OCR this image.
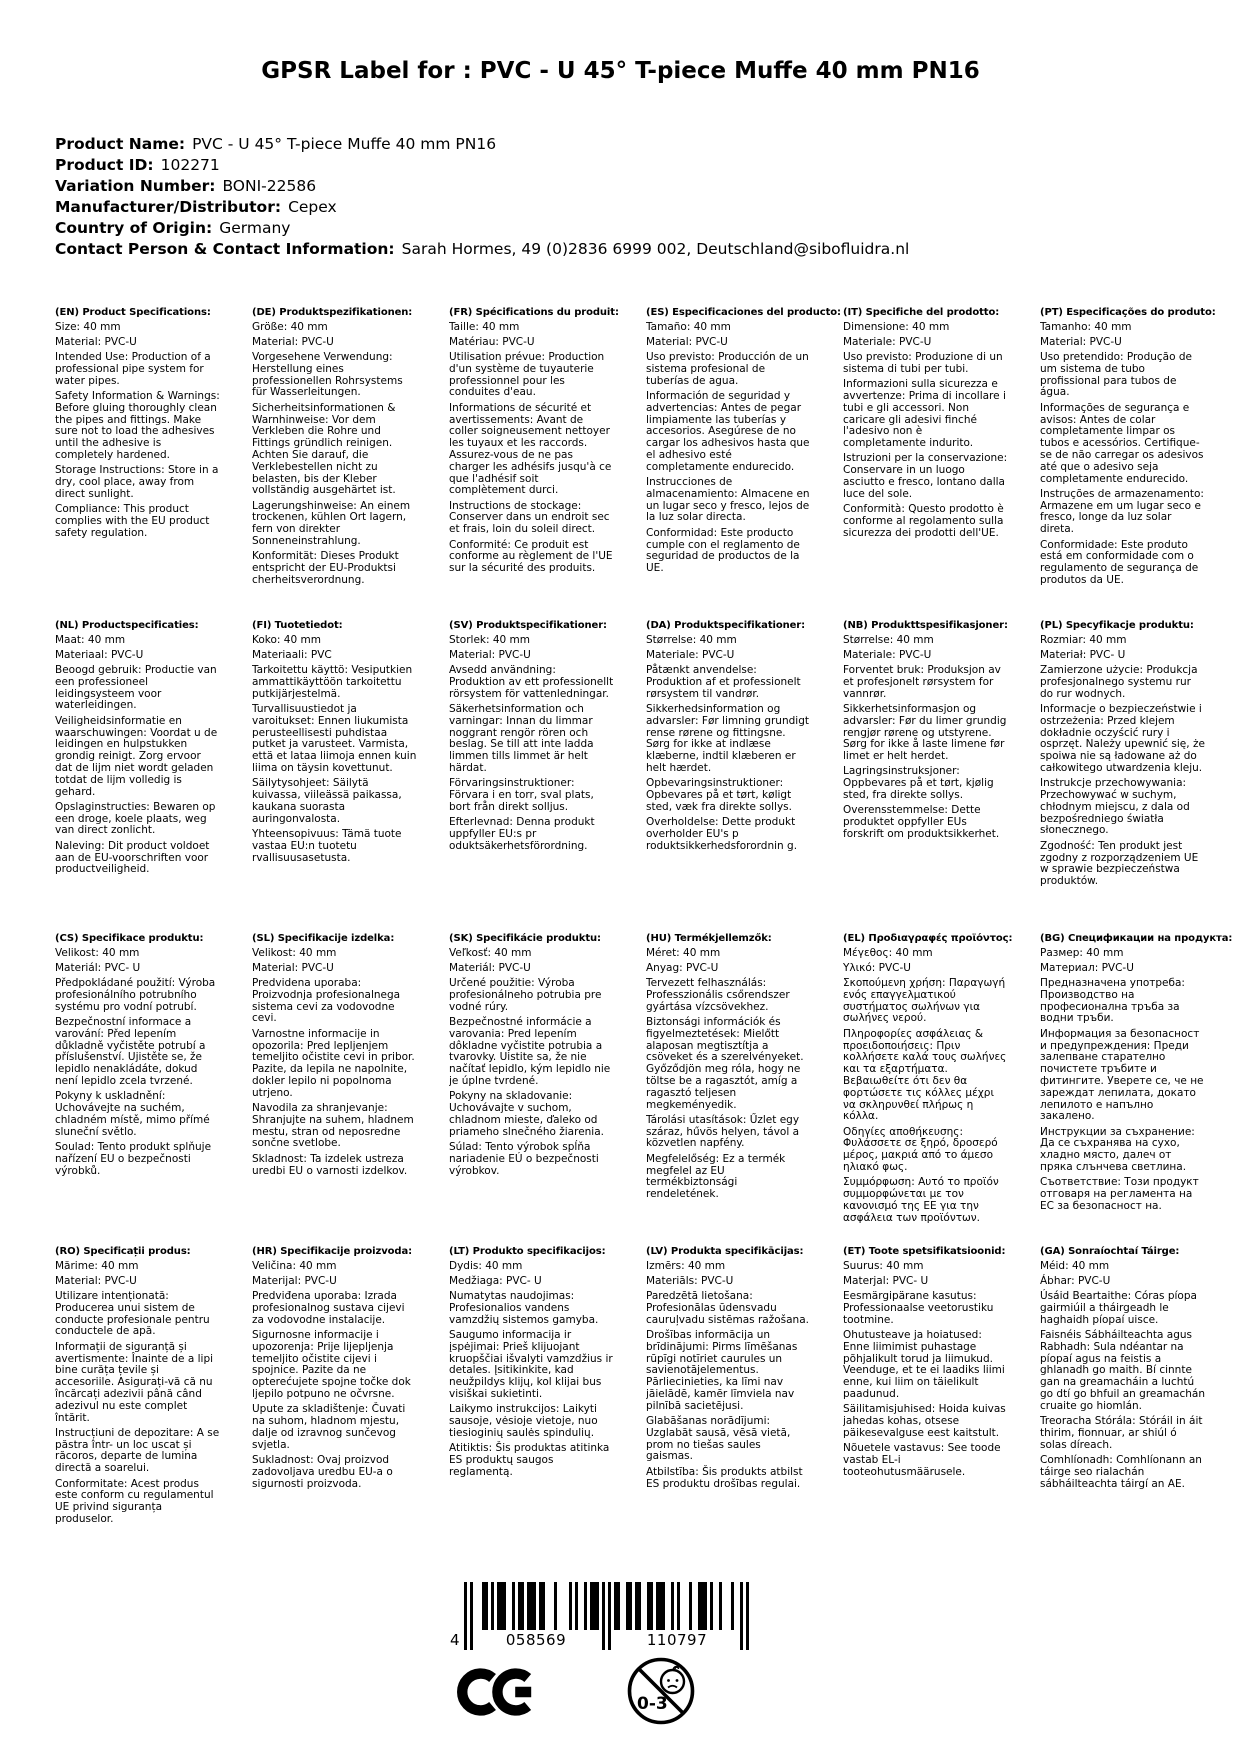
GPSR Label for : PVC - U 45° T-piece Muffe 40 mm PN16
Product Name: PVC - U 45° T-piece Muffe 40 mm PN16
Product ID: 102271
Variation Number: BONI-22586
Manufacturer/Distributor: Cepex
Country of Origin: Germany
Contact Person & Contact Information: Sarah Hormes, 49 (0)2836 6999 002, Deutschland@sibofluidra.nl
(EN) Product Specifications:

Size: 40 mm

Material: PVC-U

Intended Use: Production of a professional pipe system for water pipes.

Safety Information & Warnings: Before gluing thoroughly clean the pipes and fittings. Make sure not to load the adhesives until the adhesive is completely hardened.

Storage Instructions: Store in a dry, cool place, away from direct sunlight.

Compliance: This product complies with the EU product safety regulation.

(DE) Produktspezifikationen:

Größe: 40 mm

Material: PVC-U

Vorgesehene Verwendung: Herstellung eines professionellen Rohrsystems für Wasserleitungen.

Sicherheitsinformationen & Warnhinweise: Vor dem Verkleben die Rohre und Fittings gründlich reinigen. Achten Sie darauf, die Verklebestellen nicht zu belasten, bis der Kleber vollständig ausgehärtet ist.

Lagerungshinweise: An einem trockenen, kühlen Ort lagern, fern von direkter Sonneneinstrahlung.

Konformität: Dieses Produkt entspricht der EU-Produktsi cherheitsverordnung.

(FR) Spécifications du produit:

Taille: 40 mm

Matériau: PVC-U

Utilisation prévue: Production d'un système de tuyauterie professionnel pour les conduites d'eau.

Informations de sécurité et avertissements: Avant de coller soigneusement nettoyer les tuyaux et les raccords. Assurez-vous de ne pas charger les adhésifs jusqu'à ce que l'adhésif soit complètement durci.

Instructions de stockage: Conserver dans un endroit sec et frais, loin du soleil direct.

Conformité: Ce produit est conforme au règlement de l'UE sur la sécurité des produits.

(ES) Especificaciones del producto:

Tamaño: 40 mm

Material: PVC-U

Uso previsto: Producción de un sistema profesional de tuberías de agua.

Información de seguridad y advertencias: Antes de pegar limpiamente las tuberías y accesorios. Asegúrese de no cargar los adhesivos hasta que el adhesivo esté completamente endurecido.

Instrucciones de almacenamiento: Almacene en un lugar seco y fresco, lejos de la luz solar directa.

Conformidad: Este producto cumple con el reglamento de seguridad de productos de la UE.

(IT) Specifiche del prodotto:

Dimensione: 40 mm

Materiale: PVC-U

Uso previsto: Produzione di un sistema di tubi per tubi.

Informazioni sulla sicurezza e avvertenze: Prima di incollare i tubi e gli accessori. Non caricare gli adesivi finché l'adesivo non è completamente indurito.

Istruzioni per la conservazione: Conservare in un luogo asciutto e fresco, lontano dalla luce del sole.

Conformità: Questo prodotto è conforme al regolamento sulla sicurezza dei prodotti dell'UE.

(PT) Especificações do produto:

Tamanho: 40 mm

Material: PVC-U

Uso pretendido: Produção de um sistema de tubo profissional para tubos de água.

Informações de segurança e avisos: Antes de colar completamente limpar os tubos e acessórios. Certifique-se de não carregar os adesivos até que o adesivo seja completamente endurecido.

Instruções de armazenamento: Armazene em um lugar seco e fresco, longe da luz solar direta.

Conformidade: Este produto está em conformidade com o regulamento de segurança de produtos da UE.

(NL) Productspecificaties:

Maat: 40 mm

Materiaal: PVC-U

Beoogd gebruik: Productie van een professioneel leidingsysteem voor waterleidingen.

Veiligheidsinformatie en waarschuwingen: Voordat u de leidingen en hulpstukken grondig reinigt. Zorg ervoor dat de lijm niet wordt geladen totdat de lijm volledig is gehard.

Opslaginstructies: Bewaren op een droge, koele plaats, weg van direct zonlicht.

Naleving: Dit product voldoet aan de EU-voorschriften voor productveiligheid.

(FI) Tuotetiedot:

Koko: 40 mm

Materiaali: PVC

Tarkoitettu käyttö: Vesiputkien ammattikäyttöön tarkoitettu putkijärjestelmä.

Turvallisuustiedot ja varoitukset: Ennen liukumista perusteellisesti puhdistaa putket ja varusteet. Varmista, että et lataa liimoja ennen kuin liima on täysin kovettunut.

Säilytysohjeet: Säilytä kuivassa, viileässä paikassa, kaukana suorasta auringonvalosta.

Yhteensopivuus: Tämä tuote vastaa EU:n tuotetu rvallisuusasetusta.

(SV) Produktspecifikationer:

Storlek: 40 mm

Material: PVC-U

Avsedd användning: Produktion av ett professionellt rörsystem för vattenledningar.

Säkerhetsinformation och varningar: Innan du limmar noggrant rengör rören och beslag. Se till att inte ladda limmen tills limmet är helt härdat.

Förvaringsinstruktioner: Förvara i en torr, sval plats, bort från direkt solljus.

Efterlevnad: Denna produkt uppfyller EU:s pr oduktsäkerhetsförordning.

(DA) Produktspecifikationer:

Størrelse: 40 mm

Materiale: PVC-U

Påtænkt anvendelse: Produktion af et professionelt rørsystem til vandrør.

Sikkerhedsinformation og advarsler: Før limning grundigt rense rørene og fittingsne. Sørg for ikke at indlæse klæberne, indtil klæberen er helt hærdet.

Opbevaringsinstruktioner: Opbevares på et tørt, køligt sted, væk fra direkte sollys.

Overholdelse: Dette produkt overholder EU's p roduktsikkerhedsforordnin g.

(NB) Produkttspesifikasjoner:

Størrelse: 40 mm

Materiale: PVC-U

Forventet bruk: Produksjon av et profesjonelt rørsystem for vannrør.

Sikkerhetsinformasjon og advarsler: Før du limer grundig rengjør rørene og utstyrene. Sørg for ikke å laste limene før limet er helt herdet.

Lagringsinstruksjoner: Oppbevares på et tørt, kjølig sted, fra direkte sollys.

Overensstemmelse: Dette produktet oppfyller EUs forskrift om produktsikkerhet.

(PL) Specyfikacje produktu:

Rozmiar: 40 mm

Materiał: PVC- U

Zamierzone użycie: Produkcja profesjonalnego systemu rur do rur wodnych.

Informacje o bezpieczeństwie i ostrzeżenia: Przed klejem dokładnie oczyścić rury i osprzęt. Należy upewnić się, że spoiwa nie są ładowane aż do całkowitego utwardzenia kleju.

Instrukcje przechowywania: Przechowywać w suchym, chłodnym miejscu, z dala od bezpośredniego światła słonecznego.

Zgodność: Ten produkt jest zgodny z rozporządzeniem UE w sprawie bezpieczeństwa produktów.

(CS) Specifikace produktu:

Velikost: 40 mm

Materiál: PVC- U

Předpokládané použití: Výroba profesionálního potrubního systému pro vodní potrubí.

Bezpečnostní informace a varování: Před lepením důkladně vyčistěte potrubí a příslušenství. Ujistěte se, že lepidlo nenakládáte, dokud není lepidlo zcela tvrzené.

Pokyny k uskladnění: Uchovávejte na suchém, chladném místě, mimo přímé sluneční světlo.

Soulad: Tento produkt splňuje nařízení EU o bezpečnosti výrobků.

(SL) Specifikacije izdelka:

Velikost: 40 mm

Material: PVC-U

Predvidena uporaba: Proizvodnja profesionalnega sistema cevi za vodovodne cevi.

Varnostne informacije in opozorila: Pred lepljenjem temeljito očistite cevi in pribor. Pazite, da lepila ne napolnite, dokler lepilo ni popolnoma utrjeno.

Navodila za shranjevanje: Shranjujte na suhem, hladnem mestu, stran od neposredne sončne svetlobe.

Skladnost: Ta izdelek ustreza uredbi EU o varnosti izdelkov.

(SK) Špecifikácie produktu:

Veľkosť: 40 mm

Materiál: PVC-U

Určené použitie: Výroba profesionálneho potrubia pre vodné rúry.

Bezpečnostné informácie a varovania: Pred lepením dôkladne vyčistite potrubia a tvarovky. Uistite sa, že nie načítať lepidlo, kým lepidlo nie je úplne tvrdené.

Pokyny na skladovanie: Uchovávajte v suchom, chladnom mieste, ďaleko od priameho slnečného žiarenia.

Súlad: Tento výrobok spĺňa nariadenie EÚ o bezpečnosti výrobkov.

(HU) Termékjellemzők:

Méret: 40 mm

Anyag: PVC-U

Tervezett felhasználás: Professzionális csőrendszer gyártása vízcsövekhez.

Biztonsági információk és figyelmeztetések: Mielőtt alaposan megtisztítja a csöveket és a szerelvényeket. Győződjön meg róla, hogy ne töltse be a ragasztót, amíg a ragasztó teljesen megkeményedik.

Tárolási utasítások: Űzlet egy száraz, hűvös helyen, távol a közvetlen napfény.

Megfelelőség: Ez a termék megfelel az EU termékbiztonsági rendeletének.

(EL) Προδιαγραφές προϊόντος:

Μέγεθος: 40 mm

Υλικό: PVC-U

Σκοπούμενη χρήση: Παραγωγή ενός επαγγελματικού συστήματος σωλήνων για σωλήνες νερού.

Πληροφορίες ασφάλειας & προειδοποιήσεις: Πριν κολλήσετε καλά τους σωλήνες και τα εξαρτήματα. Βεβαιωθείτε ότι δεν θα φορτώσετε τις κόλλες μέχρι να σκληρυνθεί πλήρως η κόλλα.

Οδηγίες αποθήκευσης: Φυλάσσετε σε ξηρό, δροσερό μέρος, μακριά από το άμεσο ηλιακό φως.

Συμμόρφωση: Αυτό το προϊόν συμμορφώνεται με τον κανονισμό της ΕΕ για την ασφάλεια των προϊόντων.

(BG) Спецификации на продукта:

Размер: 40 mm

Материал: PVC-U

Предназначена употреба: Производство на професионална тръба за водни тръби.

Информация за безопасност и предупреждения: Преди залепване старателно почистете тръбите и фитингите. Уверете се, че не зареждат лепилата, докато лепилото е напълно закалено.

Инструкции за съхранение: Да се съхранява на сухо, хладно място, далеч от пряка слънчева светлина.

Съответствие: Този продукт отговаря на регламента на ЕС за безопасност на.

(RO) Specificații produs:

Mărime: 40 mm

Material: PVC-U

Utilizare intenționată: Producerea unui sistem de conducte profesionale pentru conductele de apă.

Informații de siguranță și avertismente: Înainte de a lipi bine curăța țevile și accesoriile. Asigurați-vă că nu încărcați adezivii până când adezivul nu este complet întărit.

Instrucțiuni de depozitare: A se păstra într- un loc uscat și răcoros, departe de lumina directă a soarelui.

Conformitate: Acest produs este conform cu regulamentul UE privind siguranța produselor.

(HR) Specifikacije proizvoda:

Veličina: 40 mm

Materijal: PVC-U

Predviđena uporaba: Izrada profesionalnog sustava cijevi za vodovodne instalacije.

Sigurnosne informacije i upozorenja: Prije lijepljenja temeljito očistite cijevi i spojnice. Pazite da ne opterećujete spojne točke dok ljepilo potpuno ne očvrsne.

Upute za skladištenje: Čuvati na suhom, hladnom mjestu, dalje od izravnog sunčevog svjetla.

Sukladnost: Ovaj proizvod zadovoljava uredbu EU-a o sigurnosti proizvoda.

(LT) Produkto specifikacijos:

Dydis: 40 mm

Medžiaga: PVC- U

Numatytas naudojimas: Profesionalios vandens vamzdžių sistemos gamyba.

Saugumo informacija ir įspėjimai: Prieš klijuojant kruopščiai išvalyti vamzdžius ir detales. Įsitikinkite, kad neužpildys klijų, kol klijai bus visiškai sukietinti.

Laikymo instrukcijos: Laikyti sausoje, vėsioje vietoje, nuo tiesioginių saulės spindulių.

Atitiktis: Šis produktas atitinka ES produktų saugos reglamentą.

(LV) Produkta specifikācijas:

Izmērs: 40 mm

Materiāls: PVC-U

Paredzētā lietošana: Profesionālas ūdensvadu cauruļvadu sistēmas ražošana.

Drošības informācija un brīdinājumi: Pirms līmēšanas rūpīgi notīriet caurules un savienotājelementus. Pārliecinieties, ka līmi nav jāielādē, kamēr līmviela nav pilnībā sacietējusi.

Glabāšanas norādījumi: Uzglabāt sausā, vēsā vietā, prom no tiešas saules gaismas.

Atbilstība: Šis produkts atbilst ES produktu drošības regulai.

(ET) Toote spetsifikatsioonid:

Suurus: 40 mm

Materjal: PVC- U

Eesmärgipärane kasutus: Professionaalse veetorustiku tootmine.

Ohutusteave ja hoiatused: Enne liimimist puhastage põhjalikult torud ja liimukud. Veenduge, et te ei laadiks liimi enne, kui liim on täielikult paadunud.

Säilitamisjuhised: Hoida kuivas jahedas kohas, otsese päikesevalguse eest kaitstult.

Nõuetele vastavus: See toode vastab EL-i tooteohutusmäärusele.

(GA) Sonraíochtaí Táirge:

Méid: 40 mm

Ábhar: PVC-U

Úsáid Beartaithe: Córas píopa gairmiúil a tháirgeadh le haghaidh píopaí uisce.

Faisnéis Sábháilteachta agus Rabhadh: Sula ndéantar na píopaí agus na feistis a ghlanadh go maith. Bí cinnte gan na greamacháin a luchtú go dtí go bhfuil an greamachán cruaite go hiomlán.

Treoracha Stórála: Stóráil in áit thirim, fionnuar, ar shiúl ó solas díreach.

Comhlíonadh: Comhlíonann an táirge seo rialachán sábháilteachta táirgí an AE.

4	058569	110797
0-3
